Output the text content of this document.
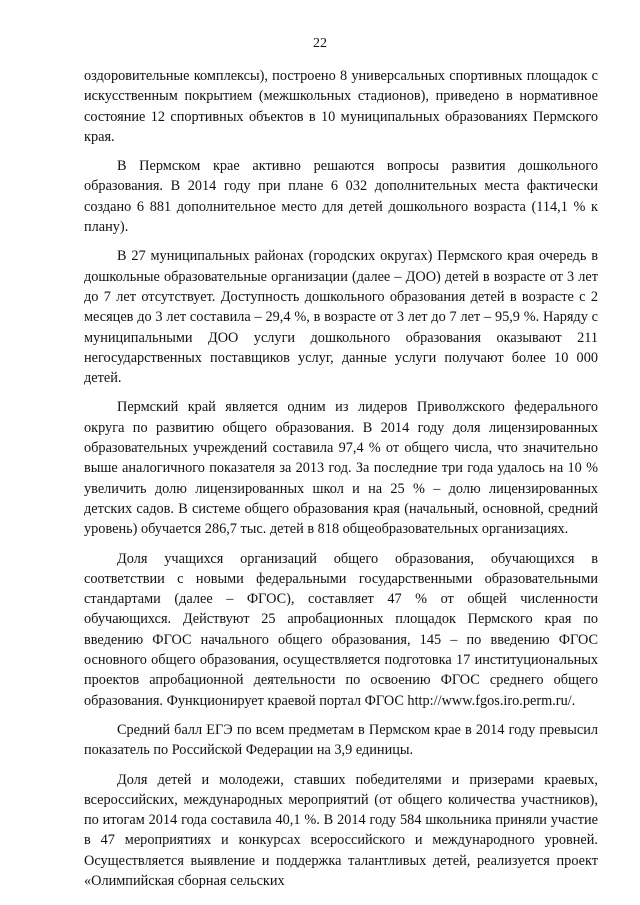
22

оздоровительные комплексы), построено 8 универсальных спортивных площадок с искусственным покрытием (межшкольных стадионов), приведено в нормативное состояние 12 спортивных объектов в 10 муниципальных образованиях Пермского края.

В Пермском крае активно решаются вопросы развития дошкольного образования. В 2014 году при плане 6 032 дополнительных места фактически создано 6 881 дополнительное место для детей дошкольного возраста (114,1 % к плану).

В 27 муниципальных районах (городских округах) Пермского края очередь в дошкольные образовательные организации (далее – ДОО) детей в возрасте от 3 лет до 7 лет отсутствует. Доступность дошкольного образования детей в возрасте с 2 месяцев до 3 лет составила – 29,4 %, в возрасте от 3 лет до 7 лет – 95,9 %. Наряду с муниципальными ДОО услуги дошкольного образования оказывают 211 негосударственных поставщиков услуг, данные услуги получают более 10 000 детей.

Пермский край является одним из лидеров Приволжского федерального округа по развитию общего образования. В 2014 году доля лицензированных образовательных учреждений составила 97,4 % от общего числа, что значительно выше аналогичного показателя за 2013 год. За последние три года удалось на 10 % увеличить долю лицензированных школ и на 25 % – долю лицензированных детских садов. В системе общего образования края (начальный, основной, средний уровень) обучается 286,7 тыс. детей в 818 общеобразовательных организациях.

Доля учащихся организаций общего образования, обучающихся в соответствии с новыми федеральными государственными образовательными стандартами (далее – ФГОС), составляет 47 % от общей численности обучающихся. Действуют 25 апробационных площадок Пермского края по введению ФГОС начального общего образования, 145 – по введению ФГОС основного общего образования, осуществляется подготовка 17 институциональных проектов апробационной деятельности по освоению ФГОС среднего общего образования. Функционирует краевой портал ФГОС http://www.fgos.iro.perm.ru/.

Средний балл ЕГЭ по всем предметам в Пермском крае в 2014 году превысил показатель по Российской Федерации на 3,9 единицы.

Доля детей и молодежи, ставших победителями и призерами краевых, всероссийских, международных мероприятий (от общего количества участников), по итогам 2014 года составила 40,1 %. В 2014 году 584 школьника приняли участие в 47 мероприятиях и конкурсах всероссийского и международного уровней. Осуществляется выявление и поддержка талантливых детей, реализуется проект «Олимпийская сборная сельских
